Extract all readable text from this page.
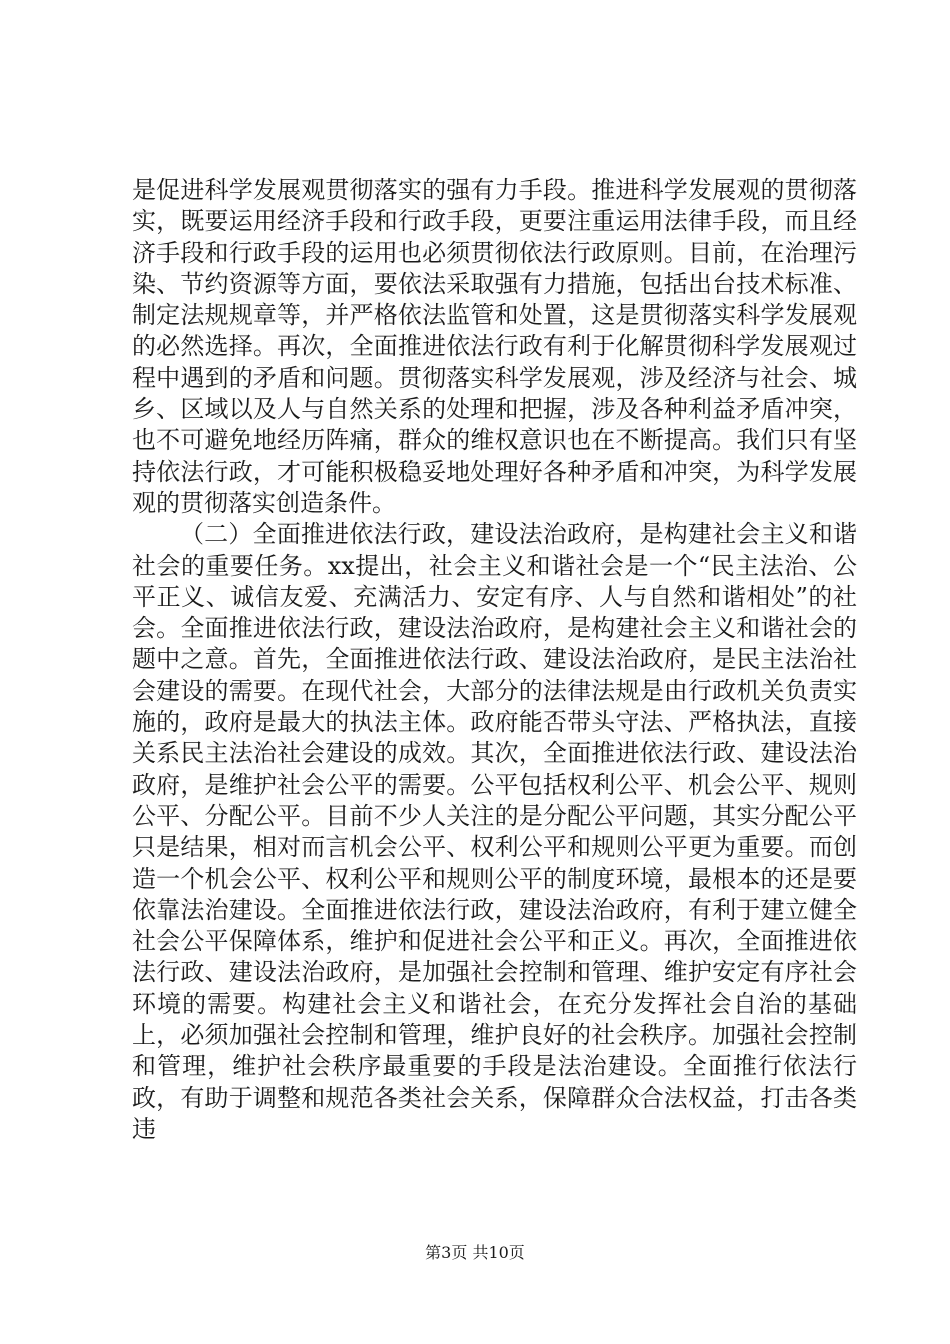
是促进科学发展观贯彻落实的强有力手段。推进科学发展观的贯彻落实，既要运用经济手段和行政手段，更要注重运用法律手段，而且经济手段和行政手段的运用也必须贯彻依法行政原则。目前，在治理污染、节约资源等方面，要依法采取强有力措施，包括出台技术标准、制定法规规章等，并严格依法监管和处置，这是贯彻落实科学发展观的必然选择。再次，全面推进依法行政有利于化解贯彻科学发展观过程中遇到的矛盾和问题。贯彻落实科学发展观，涉及经济与社会、城乡、区域以及人与自然关系的处理和把握，涉及各种利益矛盾冲突，也不可避免地经历阵痛，群众的维权意识也在不断提高。我们只有坚持依法行政，才可能积极稳妥地处理好各种矛盾和冲突，为科学发展观的贯彻落实创造条件。

（二）全面推进依法行政，建设法治政府，是构建社会主义和谐社会的重要任务。xx提出，社会主义和谐社会是一个“民主法治、公平正义、诚信友爱、充满活力、安定有序、人与自然和谐相处”的社会。全面推进依法行政，建设法治政府，是构建社会主义和谐社会的题中之意。首先，全面推进依法行政、建设法治政府，是民主法治社会建设的需要。在现代社会，大部分的法律法规是由行政机关负责实施的，政府是最大的执法主体。政府能否带头守法、严格执法，直接关系民主法治社会建设的成效。其次，全面推进依法行政、建设法治政府，是维护社会公平的需要。公平包括权利公平、机会公平、规则公平、分配公平。目前不少人关注的是分配公平问题，其实分配公平只是结果，相对而言机会公平、权利公平和规则公平更为重要。而创造一个机会公平、权利公平和规则公平的制度环境，最根本的还是要依靠法治建设。全面推进依法行政，建设法治政府，有利于建立健全社会公平保障体系，维护和促进社会公平和正义。再次，全面推进依法行政、建设法治政府，是加强社会控制和管理、维护安定有序社会环境的需要。构建社会主义和谐社会，在充分发挥社会自治的基础上，必须加强社会控制和管理，维护良好的社会秩序。加强社会控制和管理，维护社会秩序最重要的手段是法治建设。全面推行依法行政，有助于调整和规范各类社会关系，保障群众合法权益，打击各类违

第3页 共10页
